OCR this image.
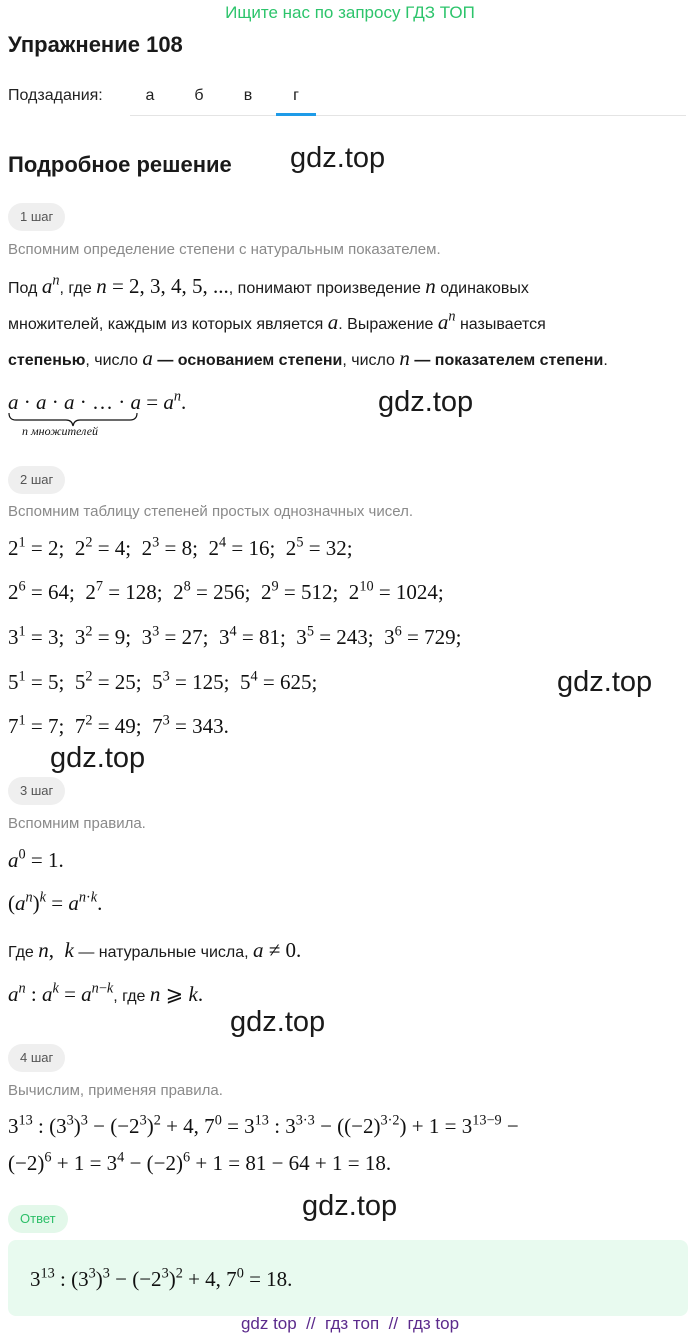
Ищите нас по запросу ГДЗ ТОП
Упражнение 108
Подзадания:	а	б	в	г
Подробное решение gdz.top
gdz.top
gdz.top
gdz.top
gdz.top
gdz.top
1 шаг
Вспомним определение степени с натуральным показателем.
Под $a^n$, где n = 2, 3, 4, 5, ..., понимают произведение n одинаковых
множителей, каждым из которых является a. Выражение $a^n$ называется
степенью, число a — основанием степени, число n — показателем степени.
a · a · a · … · $a = a^n$.
n множителей
2 шаг
Вспомним таблицу степеней простых однозначных чисел.
$2^1 = 2$;  $2^2 = 4$;  $2^3 = 8$;  $2^4 = 16$;  $2^5 = 32$;
$2^6 = 64$;  $2^7 = 128$;  $2^8 = 256$;  $2^9 = 512$;  $2^{10} = 1024$;
$3^1 = 3$;  $3^2 = 9$;  $3^3 = 27$;  $3^4 = 81$;  $3^5 = 243$;  $3^6 = 729$;
$5^1 = 5$;  $5^2 = 25$;  $5^3 = 125$;  $5^4 = 625$;
$7^1 = 7$;  $7^2 = 49$;  $7^3 = 343$.
3 шаг
Вспомним правила.
$a^0 = 1$.
$(a^n)^k = a^{n\cdot k}$.
Где n,  k — натуральные числа, a ≠ 0.
$a^n$ : $a^k = a^{n-k}$, где n ⩾ k.
4 шаг
Вычислим, применяя правила.
$3^{13}$ : $(3^3)^3 - (-2^3)^2 + 4$, $7^0 = 3^{13}$ : $3^{3\cdot 3} - ((-2)^{3\cdot 2}) + 1 = 3^{13-9}$ −
$(-2)^6 + 1 = 3^4 - (-2)^6 + 1 = 81 - 64 + 1 = 18$.
Ответ
$3^{13}$ : $(3^3)^3 - (-2^3)^2 + 4$, $7^0 = 18$.
gdz top  //  гдз топ  //  гдз top
